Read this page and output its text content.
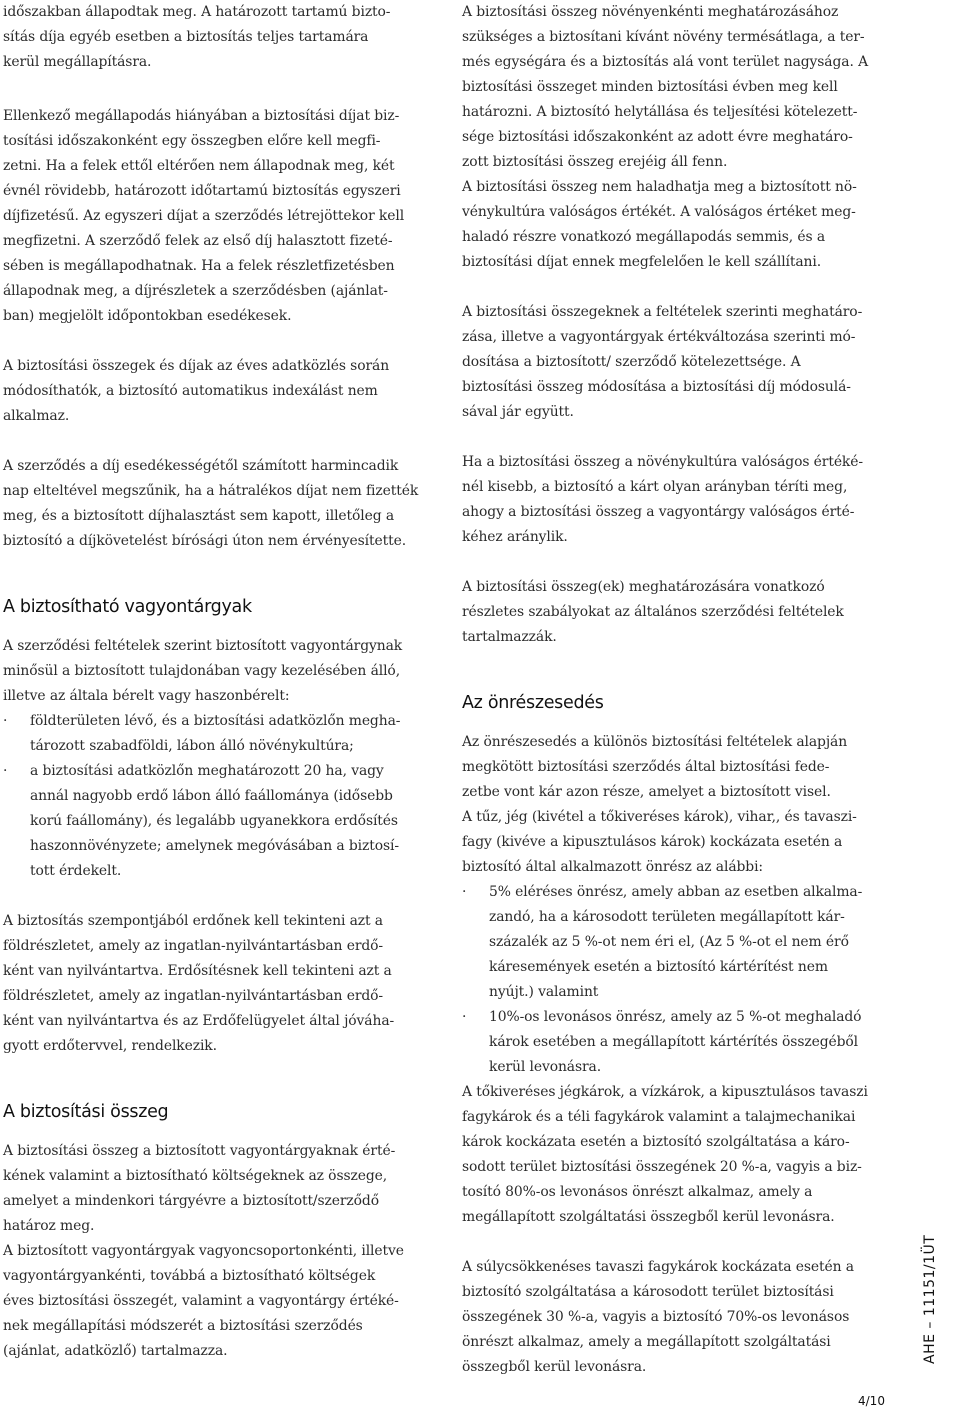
időszakban állapodtak meg. A határozott tartamú bizto-
sítás díja egyéb esetben a biztosítás teljes tartamára
kerül megállapításra.

Ellenkező megállapodás hiányában a biztosítási díjat biz-
tosítási időszakonként egy összegben előre kell megfi-
zetni. Ha a felek ettől eltérően nem állapodnak meg, két
évnél rövidebb, határozott időtartamú biztosítás egyszeri
díjfizetésű. Az egyszeri díjat a szerződés létrejöttekor kell
megfizetni. A szerződő felek az első díj halasztott fizeté-
sében is megállapodhatnak. Ha a felek részletfizetésben
állapodnak meg, a díjrészletek a szerződésben (ajánlat-
ban) megjelölt időpontokban esedékesek.

A biztosítási összegek és díjak az éves adatközlés során
módosíthatók, a biztosító automatikus indexálást nem
alkalmaz.

A szerződés a díj esedékességétől számított harmincadik
nap elteltével megszűnik, ha a hátralékos díjat nem fizették
meg, és a biztosított díjhalasztást sem kapott, illetőleg a
biztosító a díjkövetelést bírósági úton nem érvényesítette.

A biztosítható vagyontárgyak

A szerződési feltételek szerint biztosított vagyontárgynak
minősül a biztosított tulajdonában vagy kezelésében álló,
illetve az általa bérelt vagy haszonbérelt:

·	földterületen lévő, és a biztosítási adatközlőn megha-
tározott szabadföldi, lábon álló növénykultúra;
·	a biztosítási adatközlőn meghatározott 20 ha, vagy
annál nagyobb erdő lábon álló faállománya (idősebb
korú faállomány), és legalább ugyanekkora erdősítés
haszonnövényzete; amelynek megóvásában a biztosí-
tott érdekelt.

A biztosítás szempontjából erdőnek kell tekinteni azt a
földrészletet, amely az ingatlan-nyilvántartásban erdő-
ként van nyilvántartva. Erdősítésnek kell tekinteni azt a
földrészletet, amely az ingatlan-nyilvántartásban erdő-
ként van nyilvántartva és az Erdőfelügyelet által jóváha-
gyott erdőtervvel, rendelkezik.

A biztosítási összeg

A biztosítási összeg a biztosított vagyontárgyaknak érté-
kének valamint a biztosítható költségeknek az összege,
amelyet a mindenkori tárgyévre a biztosított/szerződő
határoz meg.
A biztosított vagyontárgyak vagyoncsoportonkénti, illetve
vagyontárgyankénti, továbbá a biztosítható költségek
éves biztosítási összegét, valamint a vagyontárgy értéké-
nek megállapítási módszerét a biztosítási szerződés
(ajánlat, adatközlő) tartalmazza.

A biztosítási összeg növényenkénti meghatározásához
szükséges a biztosítani kívánt növény termésátlaga, a ter-
més egységára és a biztosítás alá vont terület nagysága. A
biztosítási összeget minden biztosítási évben meg kell
határozni. A biztosító helytállása és teljesítési kötelezett-
sége biztosítási időszakonként az adott évre meghatáro-
zott biztosítási összeg erejéig áll fenn.
A biztosítási összeg nem haladhatja meg a biztosított nö-
vénykultúra valóságos értékét. A valóságos értéket meg-
haladó részre vonatkozó megállapodás semmis, és a
biztosítási díjat ennek megfelelően le kell szállítani.

A biztosítási összegeknek a feltételek szerinti meghatáro-
zása, illetve a vagyontárgyak értékváltozása szerinti mó-
dosítása a biztosított/ szerződő kötelezettsége. A
biztosítási összeg módosítása a biztosítási díj módosulá-
sával jár együtt.

Ha a biztosítási összeg a növénykultúra valóságos értéké-
nél kisebb, a biztosító a kárt olyan arányban téríti meg,
ahogy a biztosítási összeg a vagyontárgy valóságos érté-
kéhez aránylik.

A biztosítási összeg(ek) meghatározására vonatkozó
részletes szabályokat az általános szerződési feltételek
tartalmazzák.

Az önrészesedés

Az önrészesedés a különös biztosítási feltételek alapján
megkötött biztosítási szerződés által biztosítási fede-
zetbe vont kár azon része, amelyet a biztosított visel.
A tűz, jég (kivétel a tőkiveréses károk), vihar,, és tavaszi-
fagy (kivéve a kipusztulásos károk) kockázata esetén a
biztosító által alkalmazott önrész az alábbi:

·	5% eléréses önrész, amely abban az esetben alkalma-
zandó, ha a károsodott területen megállapított kár-
százalék az 5 %-ot nem éri el, (Az 5 %-ot el nem érő
káresemények esetén a biztosító kártérítést nem
nyújt.) valamint
·	10%-os levonásos önrész, amely az 5 %-ot meghaladó
károk esetében a megállapított kártérítés összegéből
kerül levonásra.

A tőkiveréses jégkárok, a vízkárok, a kipusztulásos tavaszi
fagykárok és a téli fagykárok valamint a talajmechanikai
károk kockázata esetén a biztosító szolgáltatása a káro-
sodott terület biztosítási összegének 20 %-a, vagyis a biz-
tosító 80%-os levonásos önrészt alkalmaz, amely a
megállapított szolgáltatási összegből kerül levonásra.

A súlycsökkenéses tavaszi fagykárok kockázata esetén a
biztosító szolgáltatása a károsodott terület biztosítási
összegének 30 %-a, vagyis a biztosító 70%-os levonásos
önrészt alkalmaz, amely a megállapított szolgáltatási
összegből kerül levonásra.

AHE – 11151/1ÜT
4/10
